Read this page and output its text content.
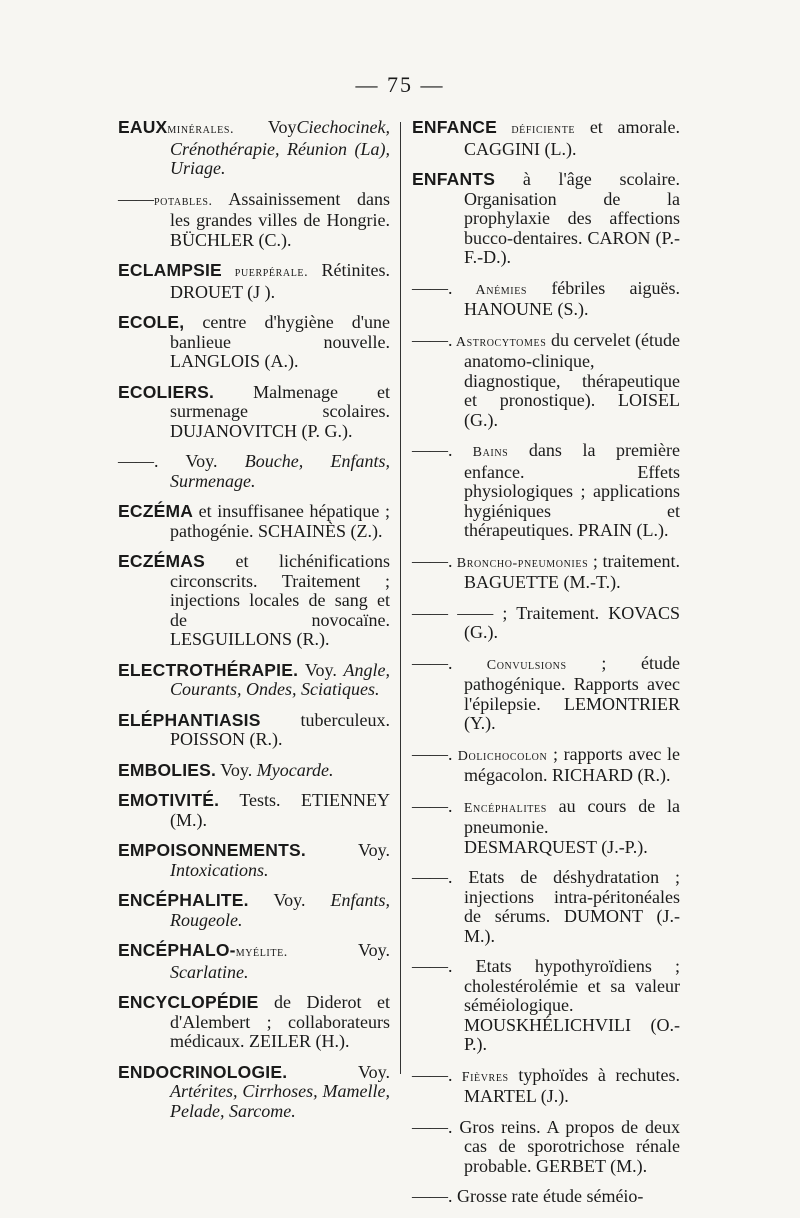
— 75 —
EAUXminérales. VoyCiechocinek, Crénothérapie, Réunion (La), Uriage.
——potables. Assainissement dans les grandes villes de Hongrie. BÜCHLER (C.).
ECLAMPSIE puerpérale. Rétinites. DROUET (J ).
ECOLE, centre d'hygiène d'une banlieue nouvelle. LANGLOIS (A.).
ECOLIERS. Malmenage et surmenage scolaires. DUJANOVITCH (P. G.).
——. Voy. Bouche, Enfants, Surmenage.
ECZÉMA et insuffisanee hépatique ; pathogénie. SCHAINÈS (Z.).
ECZÉMAS et lichénifications circonscrits. Traitement ; injections locales de sang et de novocaïne. LESGUILLONS (R.).
ELECTROTHÉRAPIE. Voy. Angle, Courants, Ondes, Sciatiques.
ELÉPHANTIASIS tuberculeux. POISSON (R.).
EMBOLIES. Voy. Myocarde.
EMOTIVITÉ. Tests. ETIENNEY (M.).
EMPOISONNEMENTS. Voy. Intoxications.
ENCÉPHALITE. Voy. Enfants, Rougeole.
ENCÉPHALO-myélite. Voy. Scarlatine.
ENCYCLOPÉDIE de Diderot et d'Alembert ; collaborateurs médicaux. ZEILER (H.).
ENDOCRINOLOGIE. Voy. Artérites, Cirrhoses, Mamelle, Pelade, Sarcome.
ENFANCE déficiente et amorale. CAGGINI (L.).
ENFANTS à l'âge scolaire. Organisation de la prophylaxie des affections bucco-dentaires. CARON (P.-F.-D.).
——. Anémies fébriles aiguës. HANOUNE (S.).
——. Astrocytomes du cervelet (étude anatomo-clinique, diagnostique, thérapeutique et pronostique). LOISEL (G.).
——. Bains dans la première enfance. Effets physiologiques ; applications hygiéniques et thérapeutiques. PRAIN (L.).
——. Broncho-pneumonies ; traitement. BAGUETTE (M.-T.).
—— —— ; Traitement. KOVACS (G.).
——. Convulsions ; étude pathogénique. Rapports avec l'épilepsie. LEMONTRIER (Y.).
——. Dolichocolon ; rapports avec le mégacolon. RICHARD (R.).
——. Encéphalites au cours de la pneumonie. DESMARQUEST (J.-P.).
——. Etats de déshydratation ; injections intra-péritonéales de sérums. DUMONT (J.-M.).
——. Etats hypothyroïdiens ; cholestérolémie et sa valeur séméiologique. MOUSKHÉLICHVILI (O.-P.).
——. Fièvres typhoïdes à rechutes. MARTEL (J.).
——. Gros reins. A propos de deux cas de sporotrichose rénale probable. GERBET (M.).
——. Grosse rate étude séméio-
